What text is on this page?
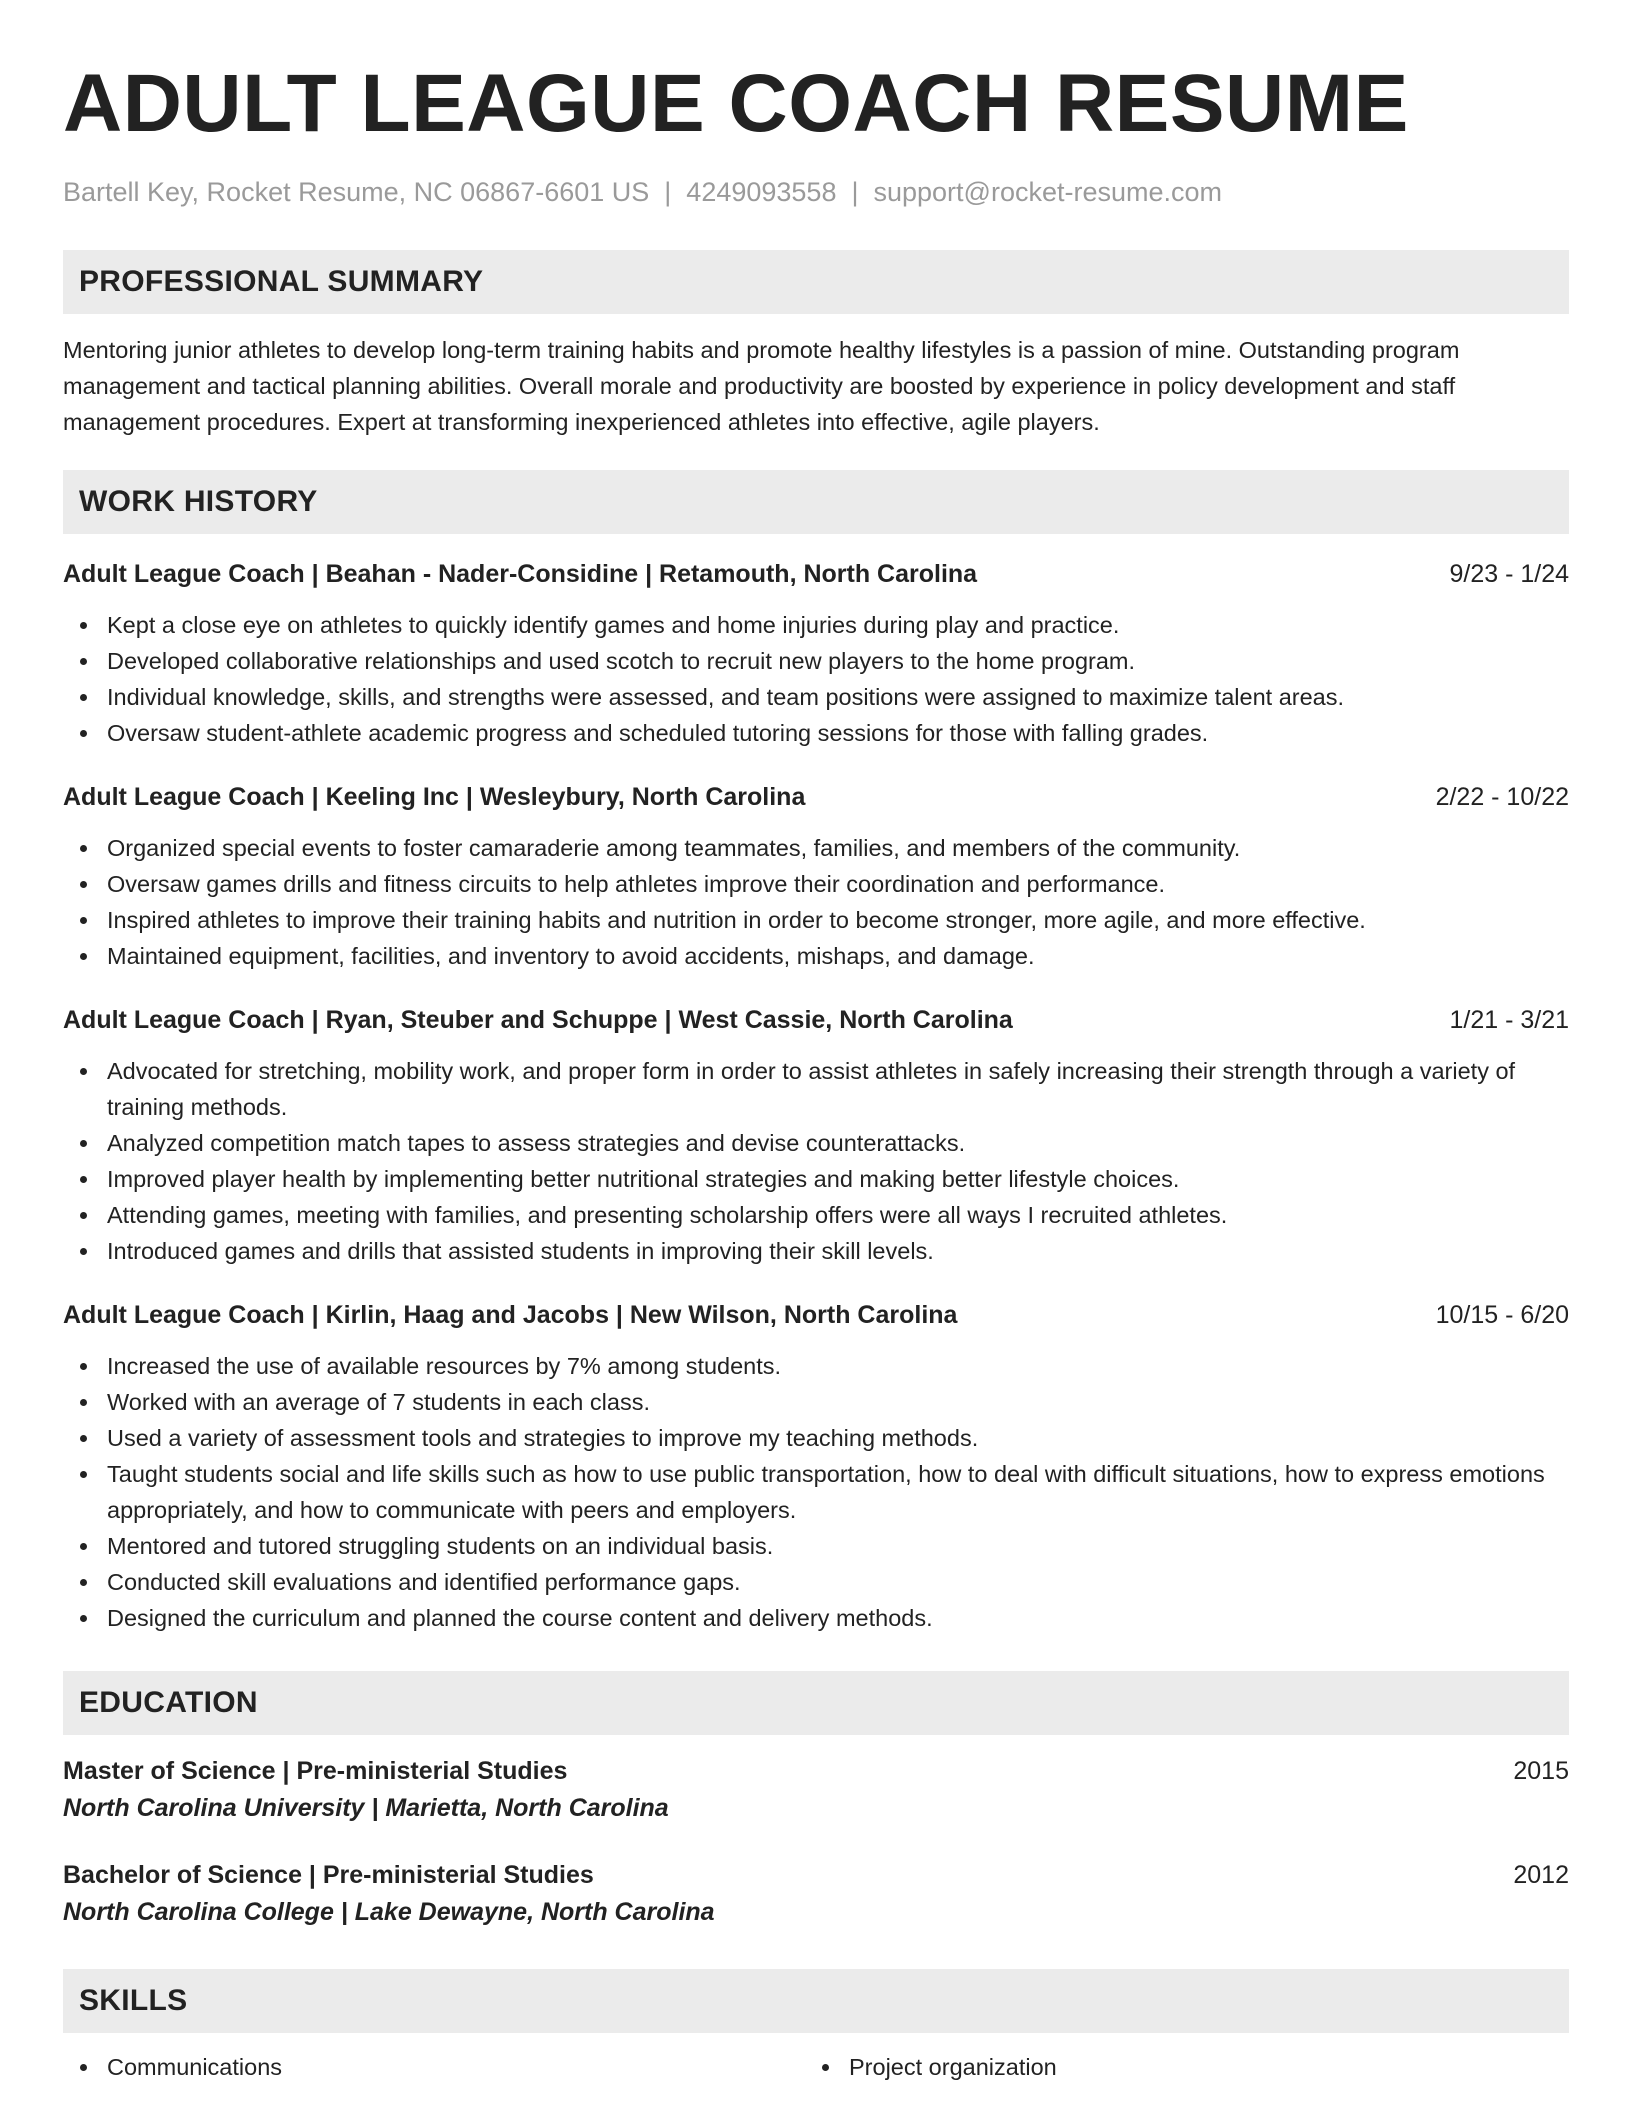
ADULT LEAGUE COACH RESUME
Bartell Key, Rocket Resume, NC 06867-6601 US | 4249093558 | support@rocket-resume.com
PROFESSIONAL SUMMARY
Mentoring junior athletes to develop long-term training habits and promote healthy lifestyles is a passion of mine. Outstanding program management and tactical planning abilities. Overall morale and productivity are boosted by experience in policy development and staff management procedures. Expert at transforming inexperienced athletes into effective, agile players.
WORK HISTORY
Adult League Coach | Beahan - Nader-Considine | Retamouth, North Carolina	9/23 - 1/24
Kept a close eye on athletes to quickly identify games and home injuries during play and practice.
Developed collaborative relationships and used scotch to recruit new players to the home program.
Individual knowledge, skills, and strengths were assessed, and team positions were assigned to maximize talent areas.
Oversaw student-athlete academic progress and scheduled tutoring sessions for those with falling grades.
Adult League Coach | Keeling Inc | Wesleybury, North Carolina	2/22 - 10/22
Organized special events to foster camaraderie among teammates, families, and members of the community.
Oversaw games drills and fitness circuits to help athletes improve their coordination and performance.
Inspired athletes to improve their training habits and nutrition in order to become stronger, more agile, and more effective.
Maintained equipment, facilities, and inventory to avoid accidents, mishaps, and damage.
Adult League Coach | Ryan, Steuber and Schuppe | West Cassie, North Carolina	1/21 - 3/21
Advocated for stretching, mobility work, and proper form in order to assist athletes in safely increasing their strength through a variety of training methods.
Analyzed competition match tapes to assess strategies and devise counterattacks.
Improved player health by implementing better nutritional strategies and making better lifestyle choices.
Attending games, meeting with families, and presenting scholarship offers were all ways I recruited athletes.
Introduced games and drills that assisted students in improving their skill levels.
Adult League Coach | Kirlin, Haag and Jacobs | New Wilson, North Carolina	10/15 - 6/20
Increased the use of available resources by 7% among students.
Worked with an average of 7 students in each class.
Used a variety of assessment tools and strategies to improve my teaching methods.
Taught students social and life skills such as how to use public transportation, how to deal with difficult situations, how to express emotions appropriately, and how to communicate with peers and employers.
Mentored and tutored struggling students on an individual basis.
Conducted skill evaluations and identified performance gaps.
Designed the curriculum and planned the course content and delivery methods.
EDUCATION
Master of Science | Pre-ministerial Studies	2015
North Carolina University | Marietta, North Carolina
Bachelor of Science | Pre-ministerial Studies	2012
North Carolina College | Lake Dewayne, North Carolina
SKILLS
Communications	Project organization
